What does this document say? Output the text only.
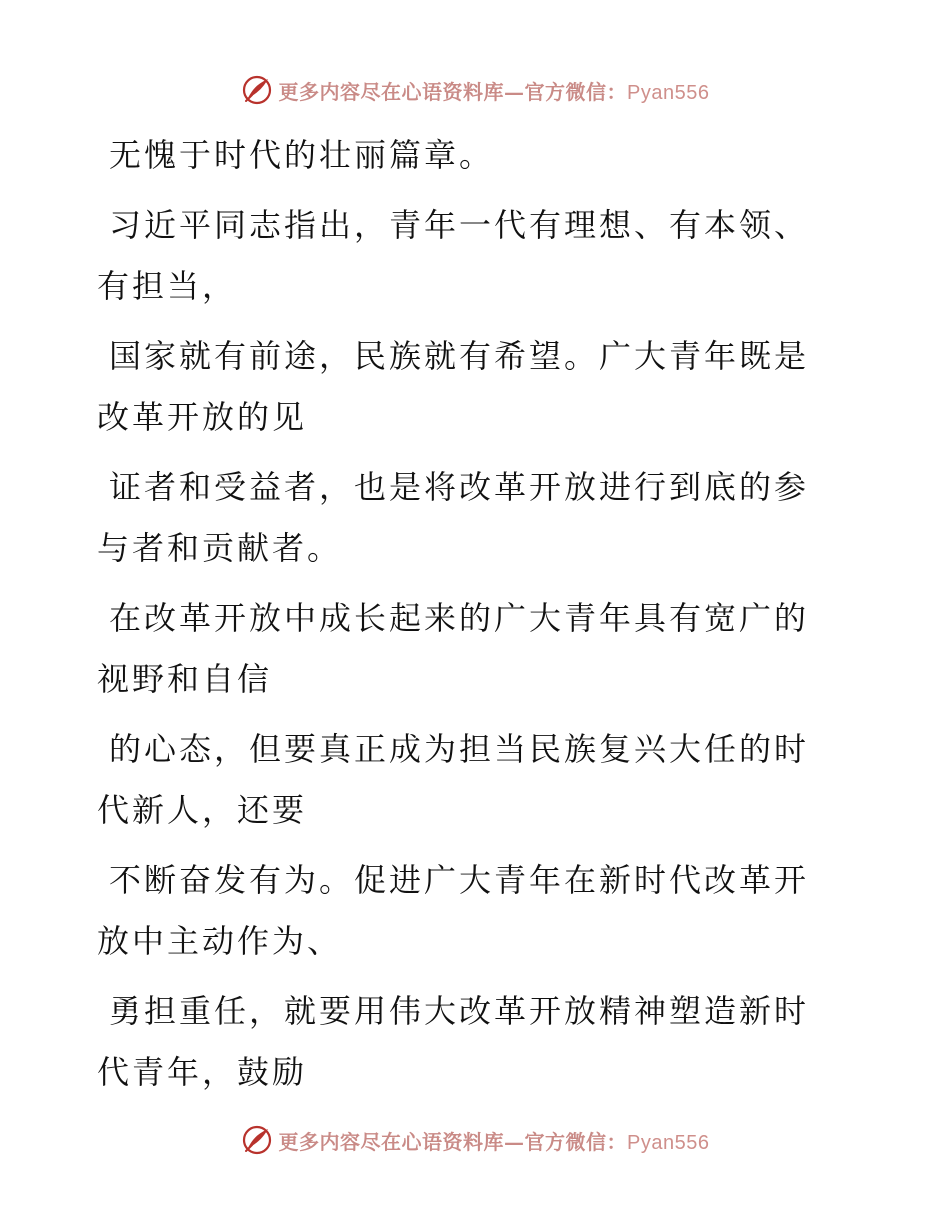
更多内容尽在心语资料库—官方微信：Pyan556

无愧于时代的壮丽篇章。

习近平同志指出，青年一代有理想、有本领、有担当，

国家就有前途，民族就有希望。广大青年既是改革开放的见

证者和受益者，也是将改革开放进行到底的参与者和贡献者。

在改革开放中成长起来的广大青年具有宽广的视野和自信

的心态，但要真正成为担当民族复兴大任的时代新人，还要

不断奋发有为。促进广大青年在新时代改革开放中主动作为、

勇担重任，就要用伟大改革开放精神塑造新时代青年，鼓励

更多内容尽在心语资料库—官方微信：Pyan556
